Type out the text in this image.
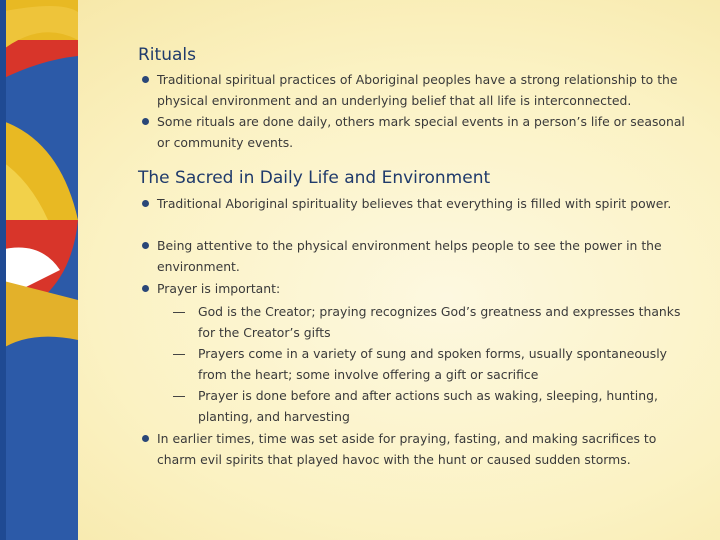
Rituals
Traditional spiritual practices of Aboriginal peoples have a strong relationship to the physical environment and an underlying belief that all life is interconnected.
Some rituals are done daily, others mark special events in a person’s life or seasonal or community events.
The Sacred in Daily Life and Environment
Traditional Aboriginal spirituality believes that everything is filled with spirit power.
Being attentive to the physical environment helps people to see the power in the environment.
Prayer is important:
God is the Creator; praying recognizes God’s greatness and expresses thanks for the Creator’s gifts
Prayers come in a variety of sung and spoken forms, usually spontaneously from the heart; some involve offering a gift or sacrifice
Prayer is done before and after actions such as waking, sleeping, hunting, planting, and harvesting
In earlier times, time was set aside for praying, fasting, and making sacrifices to charm evil spirits that played havoc with the hunt or caused sudden storms.
